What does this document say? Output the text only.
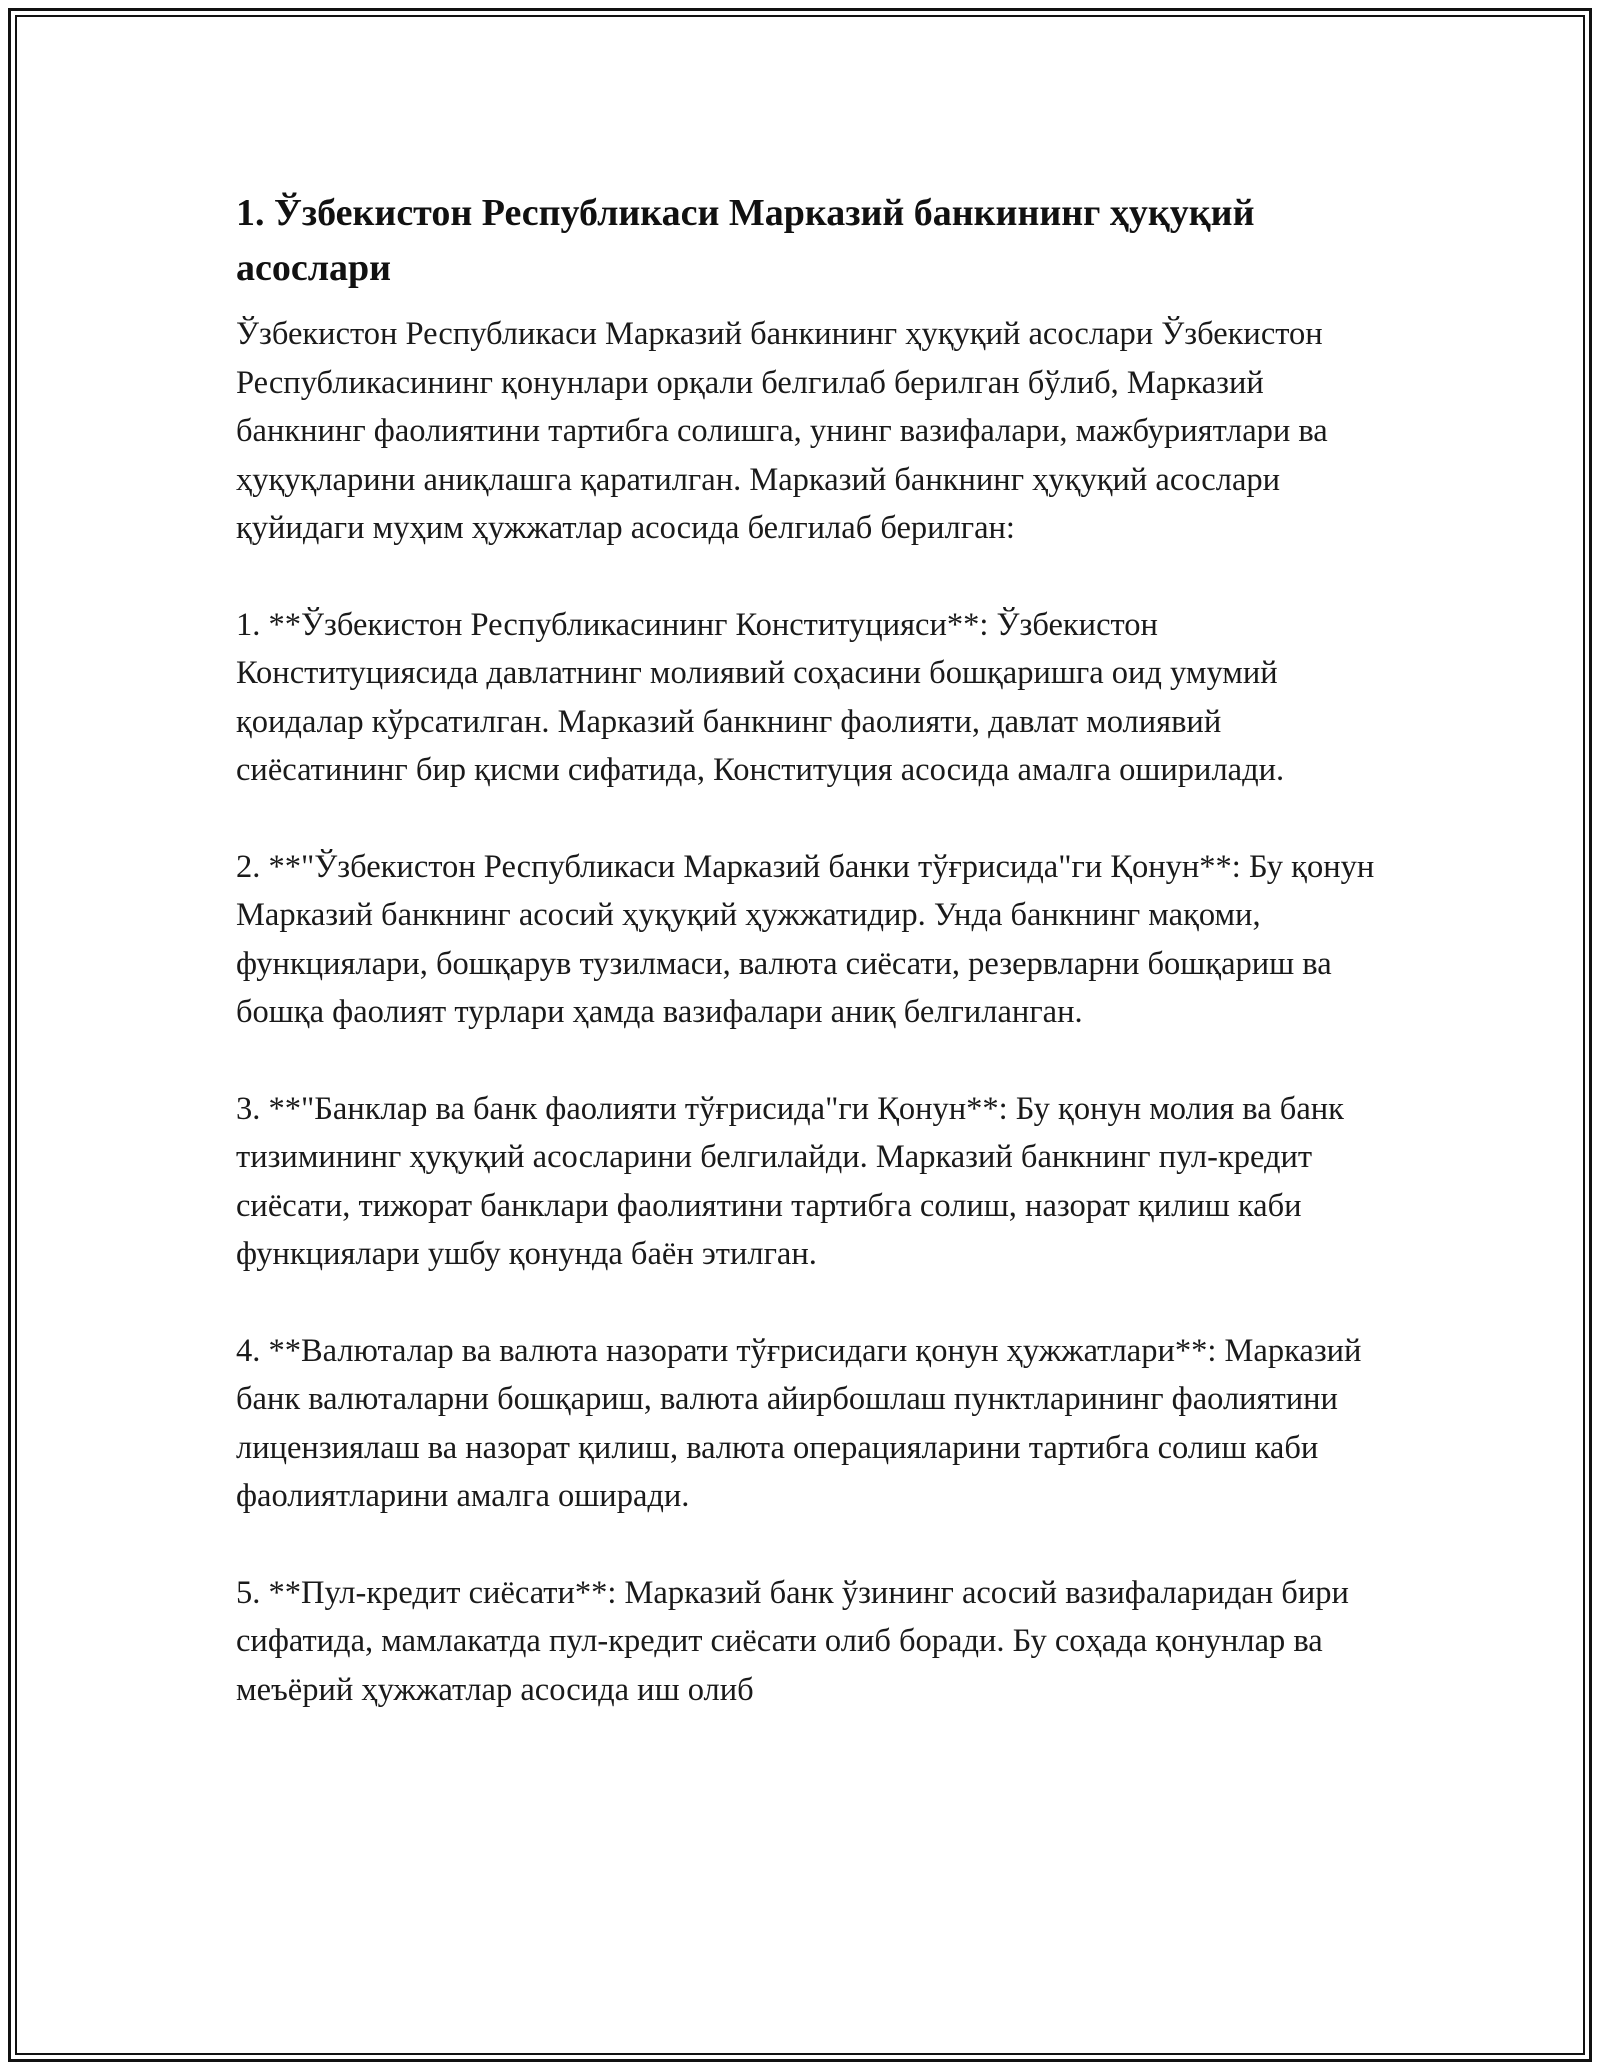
1. Ўзбекистон Республикаси Марказий банкининг ҳуқуқий асослари

Ўзбекистон Республикаси Марказий банкининг ҳуқуқий асослари Ўзбекистон Республикасининг қонунлари орқали белгилаб берилган бўлиб, Марказий банкнинг фаолиятини тартибга солишга, унинг вазифалари, мажбуриятлари ва ҳуқуқларини аниқлашга қаратилган. Марказий банкнинг ҳуқуқий асослари қуйидаги муҳим ҳужжатлар асосида белгилаб берилган:

1. **Ўзбекистон Республикасининг Конституцияси**: Ўзбекистон Конституциясида давлатнинг молиявий соҳасини бошқаришга оид умумий қоидалар кўрсатилган. Марказий банкнинг фаолияти, давлат молиявий сиёсатининг бир қисми сифатида, Конституция асосида амалга оширилади.

2. **"Ўзбекистон Республикаси Марказий банки тўғрисида"ги Қонун**: Бу қонун Марказий банкнинг асосий ҳуқуқий ҳужжатидир. Унда банкнинг мақоми, функциялари, бошқарув тузилмаси, валюта сиёсати, резервларни бошқариш ва бошқа фаолият турлари ҳамда вазифалари аниқ белгиланган.

3. **"Банклар ва банк фаолияти тўғрисида"ги Қонун**: Бу қонун молия ва банк тизимининг ҳуқуқий асосларини белгилайди. Марказий банкнинг пул-кредит сиёсати, тижорат банклари фаолиятини тартибга солиш, назорат қилиш каби функциялари ушбу қонунда баён этилган.

4. **Валюталар ва валюта назорати тўғрисидаги қонун ҳужжатлари**: Марказий банк валюталарни бошқариш, валюта айирбошлаш пунктларининг фаолиятини лицензиялаш ва назорат қилиш, валюта операцияларини тартибга солиш каби фаолиятларини амалга оширади.

5. **Пул-кредит сиёсати**: Марказий банк ўзининг асосий вазифаларидан бири сифатида, мамлакатда пул-кредит сиёсати олиб боради. Бу соҳада қонунлар ва меъёрий ҳужжатлар асосида иш олиб
